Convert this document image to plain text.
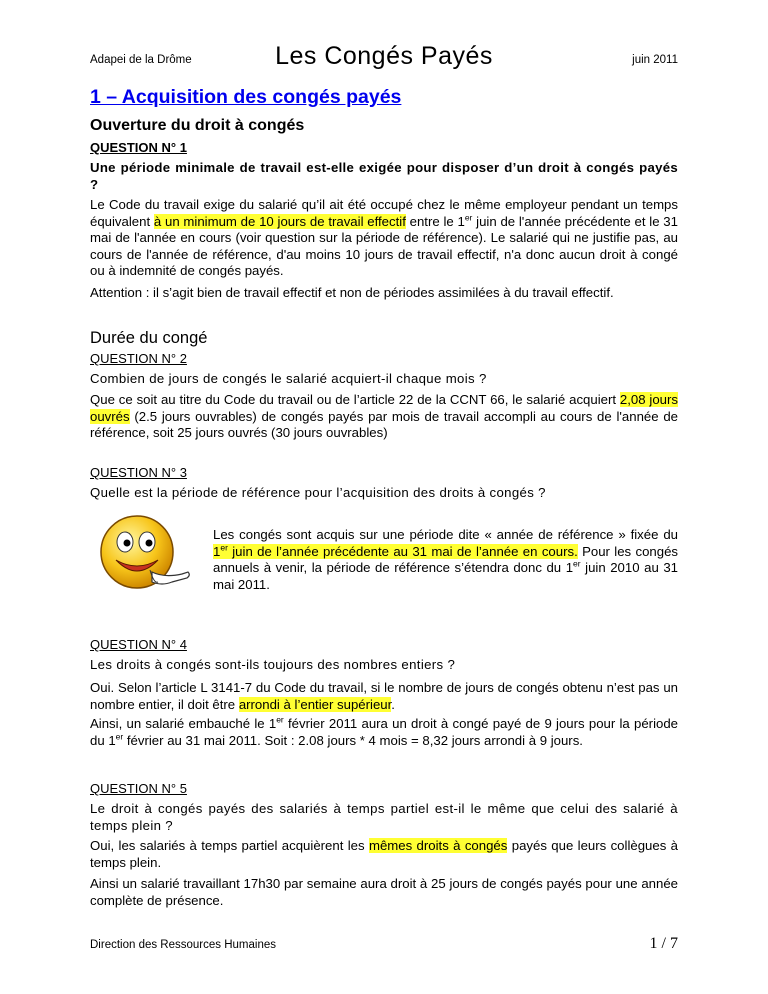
Adapei de la Drôme	Les Congés Payés	juin 2011
1 – Acquisition des congés payés
Ouverture du droit à congés
QUESTION N° 1

Une période minimale de travail est-elle exigée pour disposer d’un droit à congés payés ?

Le Code du travail exige du salarié qu’il ait été occupé chez le même employeur pendant un temps équivalent à un minimum de 10 jours de travail effectif entre le 1er juin de l'année précédente et le 31 mai de l'année en cours (voir question sur la période de référence). Le salarié qui ne justifie pas, au cours de l'année de référence, d'au moins 10 jours de travail effectif, n'a donc aucun droit à congé ou à indemnité de congés payés.

Attention : il s’agit bien de travail effectif et non de périodes assimilées à du travail effectif.

Durée du congé
QUESTION N° 2

Combien de jours de congés le salarié acquiert-il chaque mois ?

Que ce soit au titre du Code du travail ou de l’article 22 de la CCNT 66, le salarié acquiert 2,08 jours ouvrés (2.5 jours ouvrables) de congés payés par mois de travail accompli au cours de l'année de référence, soit 25 jours ouvrés (30 jours ouvrables)

QUESTION N° 3

Quelle est la période de référence pour l’acquisition des droits à congés ?

Les congés sont acquis sur une période dite « année de référence » fixée du 1er juin de l’année précédente au 31 mai de l’année en cours. Pour les congés annuels à venir, la période de référence s’étendra donc du 1er juin 2010 au 31 mai 2011.

QUESTION N° 4

Les droits à congés sont-ils toujours des nombres entiers ?

Oui. Selon l’article L 3141-7 du Code du travail, si le nombre de jours de congés obtenu n’est pas un nombre entier, il doit être arrondi à l’entier supérieur.

Ainsi, un salarié embauché le 1er février 2011 aura un droit à congé payé de 9 jours pour la période du 1er février au 31 mai 2011. Soit : 2.08 jours * 4 mois = 8,32 jours arrondi à 9 jours.

QUESTION N° 5

Le droit à congés payés des salariés à temps partiel est-il le même que celui des salarié à temps plein ?

Oui, les salariés à temps partiel acquièrent les mêmes droits à congés payés que leurs collègues à temps plein.

Ainsi un salarié travaillant 17h30 par semaine aura droit à 25 jours de congés payés pour une année complète de présence.

Direction des Ressources Humaines	1 / 7
